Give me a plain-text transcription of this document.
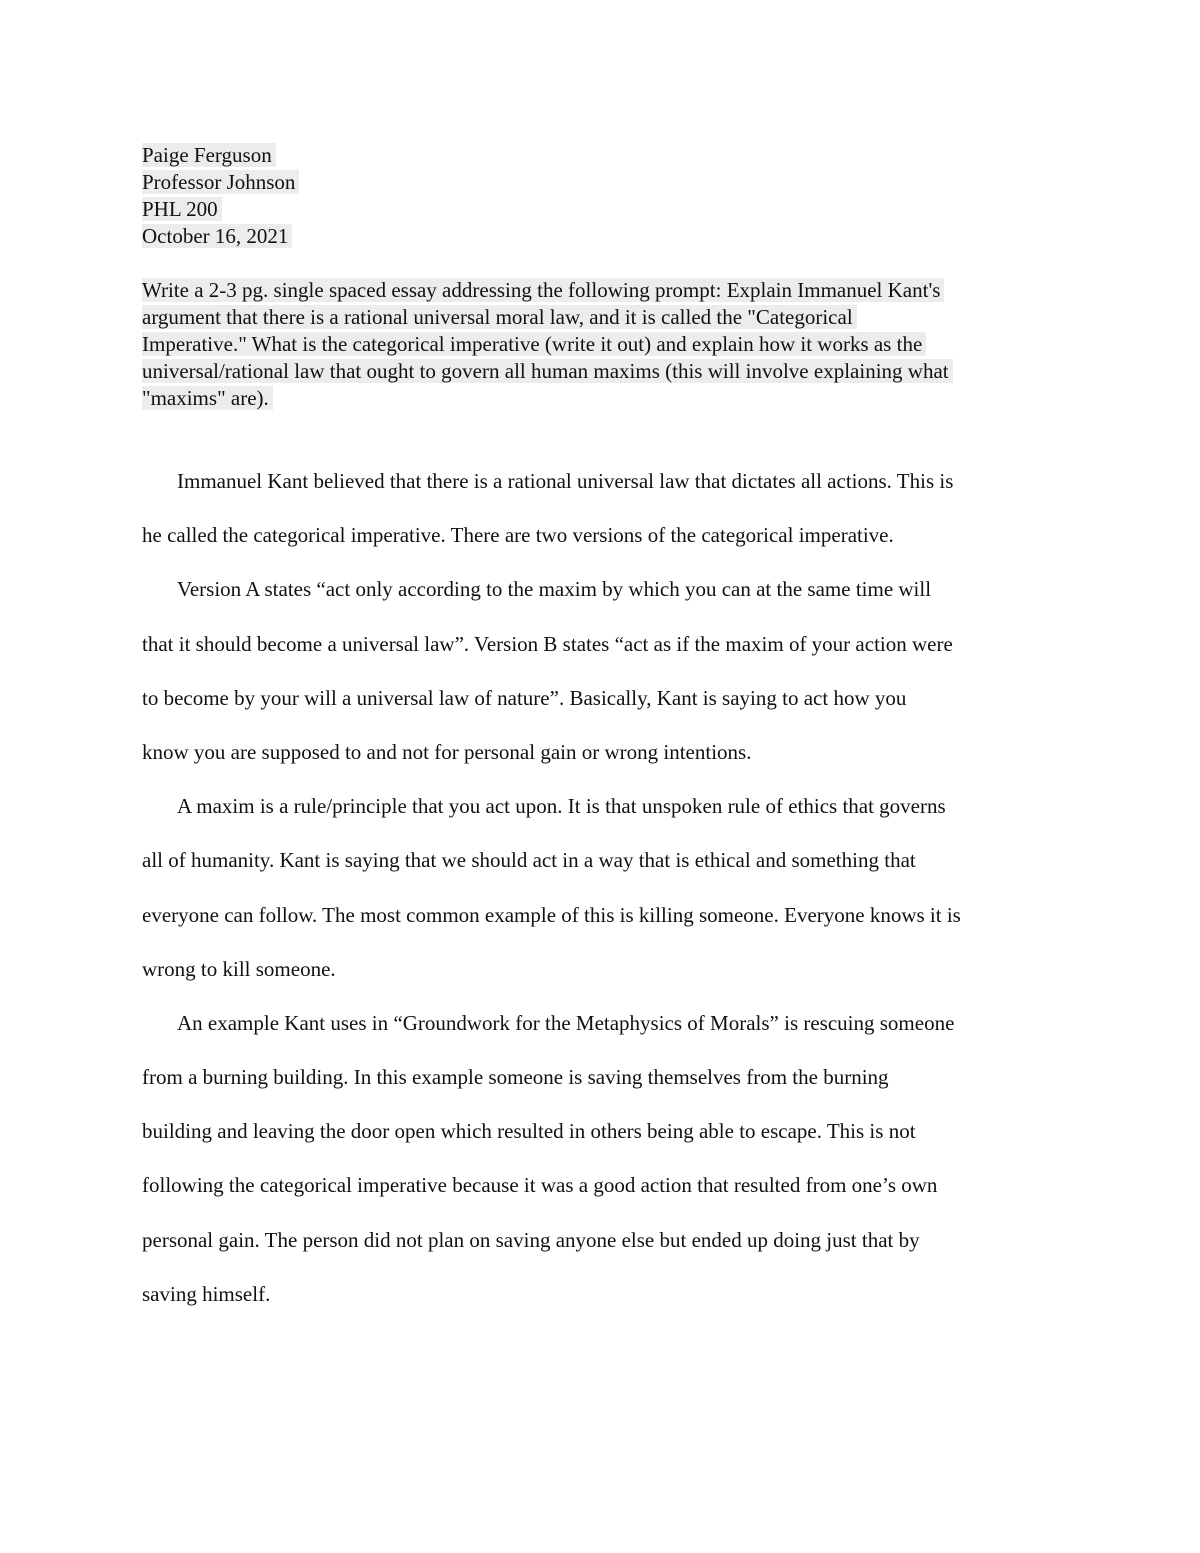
Paige Ferguson
Professor Johnson
PHL 200
October 16, 2021
Write a 2-3 pg. single spaced essay addressing the following prompt: Explain Immanuel Kant's
argument that there is a rational universal moral law, and it is called the "Categorical
Imperative." What is the categorical imperative (write it out) and explain how it works as the
universal/rational law that ought to govern all human maxims (this will involve explaining what
"maxims" are).
Immanuel Kant believed that there is a rational universal law that dictates all actions. This is
he called the categorical imperative. There are two versions of the categorical imperative.
Version A states “act only according to the maxim by which you can at the same time will
that it should become a universal law”. Version B states “act as if the maxim of your action were
to become by your will a universal law of nature”. Basically, Kant is saying to act how you
know you are supposed to and not for personal gain or wrong intentions.
A maxim is a rule/principle that you act upon. It is that unspoken rule of ethics that governs
all of humanity. Kant is saying that we should act in a way that is ethical and something that
everyone can follow. The most common example of this is killing someone. Everyone knows it is
wrong to kill someone.
An example Kant uses in “Groundwork for the Metaphysics of Morals” is rescuing someone
from a burning building. In this example someone is saving themselves from the burning
building and leaving the door open which resulted in others being able to escape. This is not
following the categorical imperative because it was a good action that resulted from one’s own
personal gain. The person did not plan on saving anyone else but ended up doing just that by
saving himself.
